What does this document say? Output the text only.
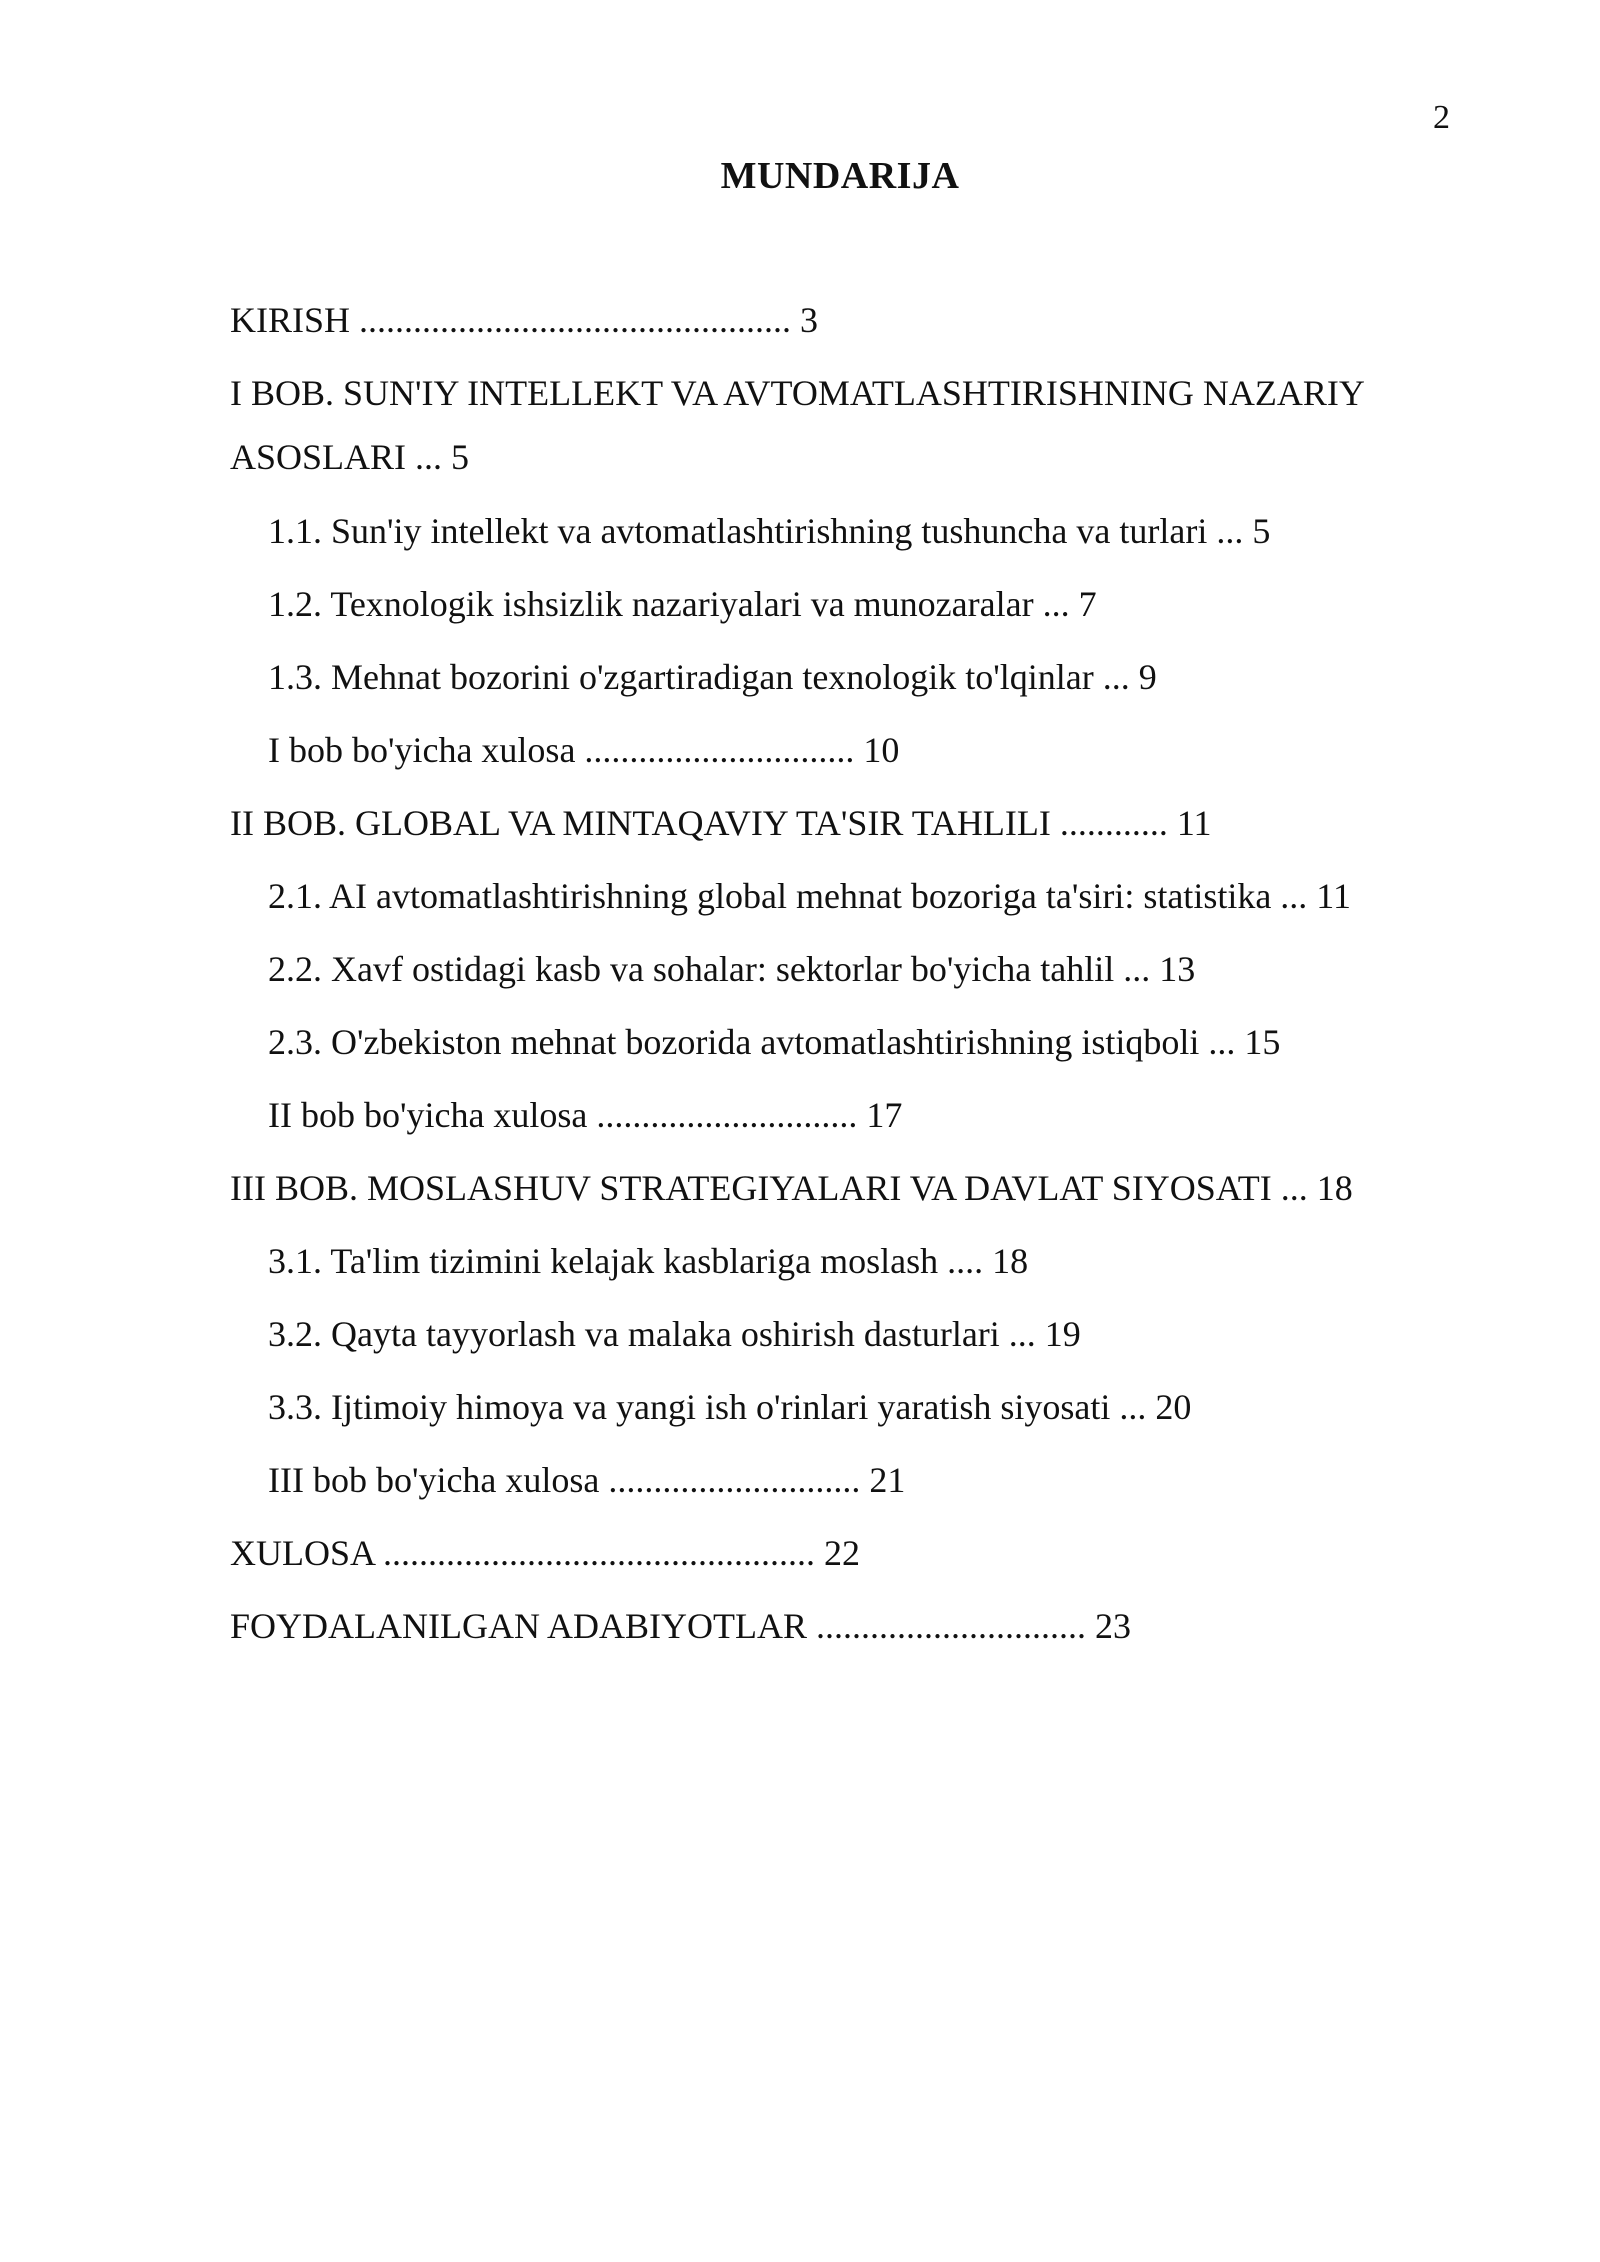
2
MUNDARIJA
KIRISH ................................................ 3
I BOB. SUN'IY INTELLEKT VA AVTOMATLASHTIRISHNING NAZARIY ASOSLARI ... 5
1.1. Sun'iy intellekt va avtomatlashtirishning tushuncha va turlari ... 5
1.2. Texnologik ishsizlik nazariyalari va munozaralar ... 7
1.3. Mehnat bozorini o'zgartiradigan texnologik to'lqinlar ... 9
I bob bo'yicha xulosa .............................. 10
II BOB. GLOBAL VA MINTAQAVIY TA'SIR TAHLILI ............ 11
2.1. AI avtomatlashtirishning global mehnat bozoriga ta'siri: statistika ... 11
2.2. Xavf ostidagi kasb va sohalar: sektorlar bo'yicha tahlil ... 13
2.3. O'zbekiston mehnat bozorida avtomatlashtirishning istiqboli ... 15
II bob bo'yicha xulosa ............................. 17
III BOB. MOSLASHUV STRATEGIYALARI VA DAVLAT SIYOSATI ... 18
3.1. Ta'lim tizimini kelajak kasblariga moslash .... 18
3.2. Qayta tayyorlash va malaka oshirish dasturlari ... 19
3.3. Ijtimoiy himoya va yangi ish o'rinlari yaratish siyosati ... 20
III bob bo'yicha xulosa ............................ 21
XULOSA ................................................ 22
FOYDALANILGAN ADABIYOTLAR .............................. 23
